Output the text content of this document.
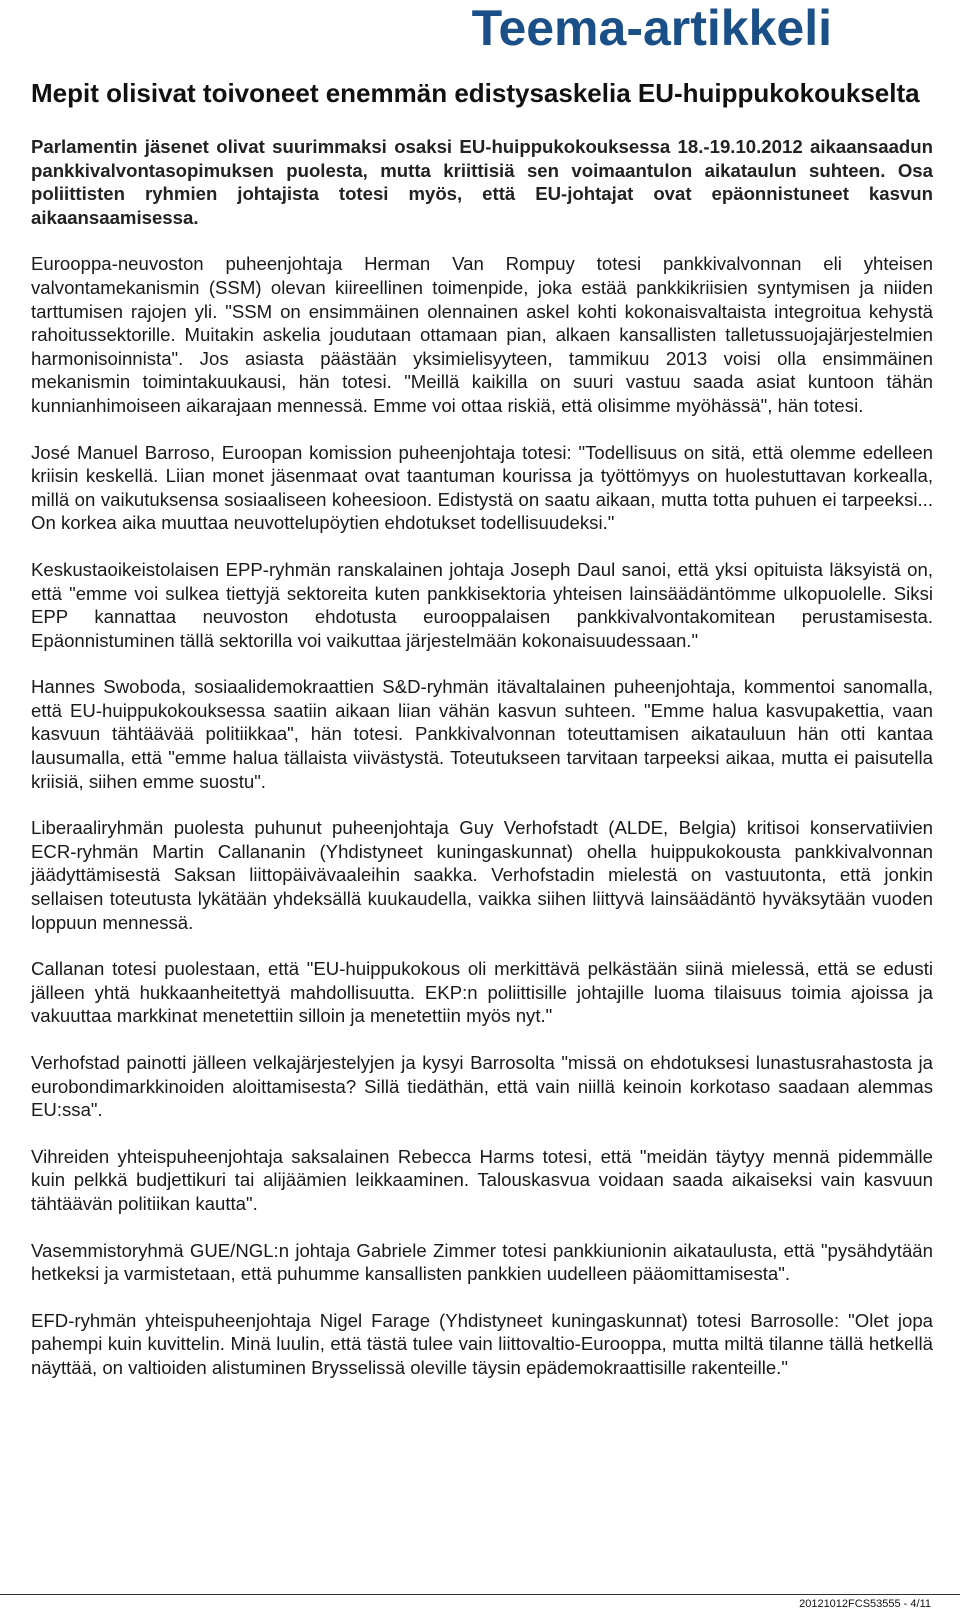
Teema-artikkeli
Mepit olisivat toivoneet enemmän edistysaskelia EU-huippukokoukselta

Parlamentin jäsenet olivat suurimmaksi osaksi EU-huippukokouksessa 18.-19.10.2012 aikaansaadun pankkivalvontasopimuksen puolesta, mutta kriittisiä sen voimaantulon aikataulun suhteen. Osa poliittisten ryhmien johtajista totesi myös, että EU-johtajat ovat epäonnistuneet kasvun aikaansaamisessa.

Eurooppa-neuvoston puheenjohtaja Herman Van Rompuy totesi pankkivalvonnan eli yhteisen valvontamekanismin (SSM) olevan kiireellinen toimenpide, joka estää pankkikriisien syntymisen ja niiden tarttumisen rajojen yli. "SSM on ensimmäinen olennainen askel kohti kokonaisvaltaista integroitua kehystä rahoitussektorille. Muitakin askelia joudutaan ottamaan pian, alkaen kansallisten talletussuojajärjestelmien harmonisoinnista". Jos asiasta päästään yksimielisyyteen, tammikuu 2013 voisi olla ensimmäinen mekanismin toimintakuukausi, hän totesi. "Meillä kaikilla on suuri vastuu saada asiat kuntoon tähän kunnianhimoiseen aikarajaan mennessä. Emme voi ottaa riskiä, että olisimme myöhässä", hän totesi.

José Manuel Barroso, Euroopan komission puheenjohtaja totesi: "Todellisuus on sitä, että olemme edelleen kriisin keskellä. Liian monet jäsenmaat ovat taantuman kourissa ja työttömyys on huolestuttavan korkealla, millä on vaikutuksensa sosiaaliseen koheesioon. Edistystä on saatu aikaan, mutta totta puhuen ei tarpeeksi... On korkea aika muuttaa neuvottelupöytien ehdotukset todellisuudeksi."

Keskustaoikeistolaisen EPP-ryhmän ranskalainen johtaja Joseph Daul sanoi, että yksi opituista läksyistä on, että "emme voi sulkea tiettyjä sektoreita kuten pankkisektoria yhteisen lainsäädäntömme ulkopuolelle. Siksi EPP kannattaa neuvoston ehdotusta eurooppalaisen pankkivalvontakomitean perustamisesta. Epäonnistuminen tällä sektorilla voi vaikuttaa järjestelmään kokonaisuudessaan."

Hannes Swoboda, sosiaalidemokraattien S&D-ryhmän itävaltalainen puheenjohtaja, kommentoi sanomalla, että EU-huippukokouksessa saatiin aikaan liian vähän kasvun suhteen. "Emme halua kasvupakettia, vaan kasvuun tähtäävää politiikkaa", hän totesi. Pankkivalvonnan toteuttamisen aikatauluun hän otti kantaa lausumalla, että "emme halua tällaista viivästystä. Toteutukseen tarvitaan tarpeeksi aikaa, mutta ei paisutella kriisiä, siihen emme suostu".

Liberaaliryhmän puolesta puhunut puheenjohtaja Guy Verhofstadt (ALDE, Belgia) kritisoi konservatiivien ECR-ryhmän Martin Callananin (Yhdistyneet kuningaskunnat) ohella huippukokousta pankkivalvonnan jäädyttämisestä Saksan liittopäivävaaleihin saakka. Verhofstadin mielestä on vastuutonta, että jonkin sellaisen toteutusta lykätään yhdeksällä kuukaudella, vaikka siihen liittyvä lainsäädäntö hyväksytään vuoden loppuun mennessä.

Callanan totesi puolestaan, että "EU-huippukokous oli merkittävä pelkästään siinä mielessä, että se edusti jälleen yhtä hukkaanheitettyä mahdollisuutta. EKP:n poliittisille johtajille luoma tilaisuus toimia ajoissa ja vakuuttaa markkinat menetettiin silloin ja menetettiin myös nyt."

Verhofstad painotti jälleen velkajärjestelyjen ja kysyi Barrosolta "missä on ehdotuksesi lunastusrahastosta ja eurobondimarkkinoiden aloittamisesta? Sillä tiedäthän, että vain niillä keinoin korkotaso saadaan alemmas EU:ssa".

Vihreiden yhteispuheenjohtaja saksalainen Rebecca Harms totesi, että "meidän täytyy mennä pidemmälle kuin pelkkä budjettikuri tai alijäämien leikkaaminen. Talouskasvua voidaan saada aikaiseksi vain kasvuun tähtäävän politiikan kautta".

Vasemmistoryhmä GUE/NGL:n johtaja Gabriele Zimmer totesi pankkiunionin aikataulusta, että "pysähdytään hetkeksi ja varmistetaan, että puhumme kansallisten pankkien uudelleen pääomittamisesta".

EFD-ryhmän yhteispuheenjohtaja Nigel Farage (Yhdistyneet kuningaskunnat) totesi Barrosolle: "Olet jopa pahempi kuin kuvittelin. Minä luulin, että tästä tulee vain liittovaltio-Eurooppa, mutta miltä tilanne tällä hetkellä näyttää, on valtioiden alistuminen Brysselissä oleville täysin epädemokraattisille rakenteille."

20121012FCS53555 - 4/11
